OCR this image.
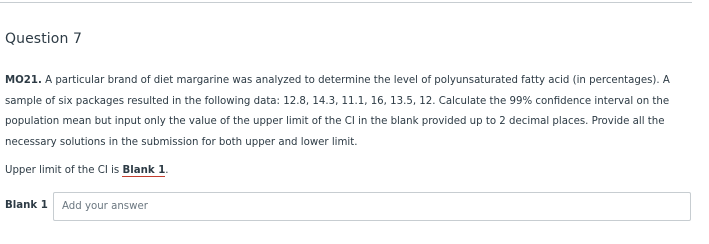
Question 7
MO21. A particular brand of diet margarine was analyzed to determine the level of polyunsaturated fatty acid (in percentages). A sample of six packages resulted in the following data: 12.8, 14.3, 11.1, 16, 13.5, 12. Calculate the 99% confidence interval on the population mean but input only the value of the upper limit of the CI in the blank provided up to 2 decimal places. Provide all the necessary solutions in the submission for both upper and lower limit.
Upper limit of the CI is Blank 1.
Blank 1
Add your answer
